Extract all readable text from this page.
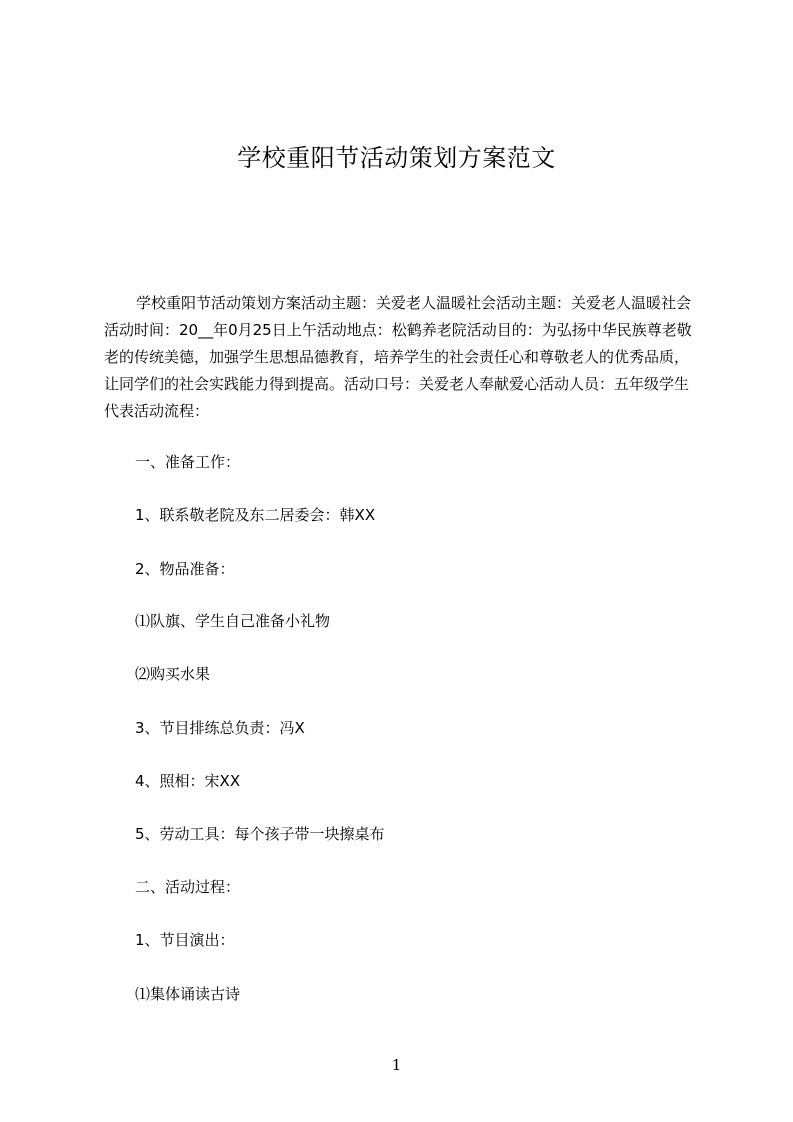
学校重阳节活动策划方案范文
学校重阳节活动策划方案活动主题：关爱老人温暖社会活动主题：关爱老人温暖社会活动时间：20__年0月25日上午活动地点：松鹤养老院活动目的：为弘扬中华民族尊老敬老的传统美德，加强学生思想品德教育，培养学生的社会责任心和尊敬老人的优秀品质，让同学们的社会实践能力得到提高。活动口号：关爱老人奉献爱心活动人员：五年级学生代表活动流程：
一、准备工作：
1、联系敬老院及东二居委会：韩XX
2、物品准备：
⑴队旗、学生自己准备小礼物
⑵购买水果
3、节目排练总负责：冯X
4、照相：宋XX
5、劳动工具：每个孩子带一块擦桌布
二、活动过程：
1、节目演出：
⑴集体诵读古诗
1
